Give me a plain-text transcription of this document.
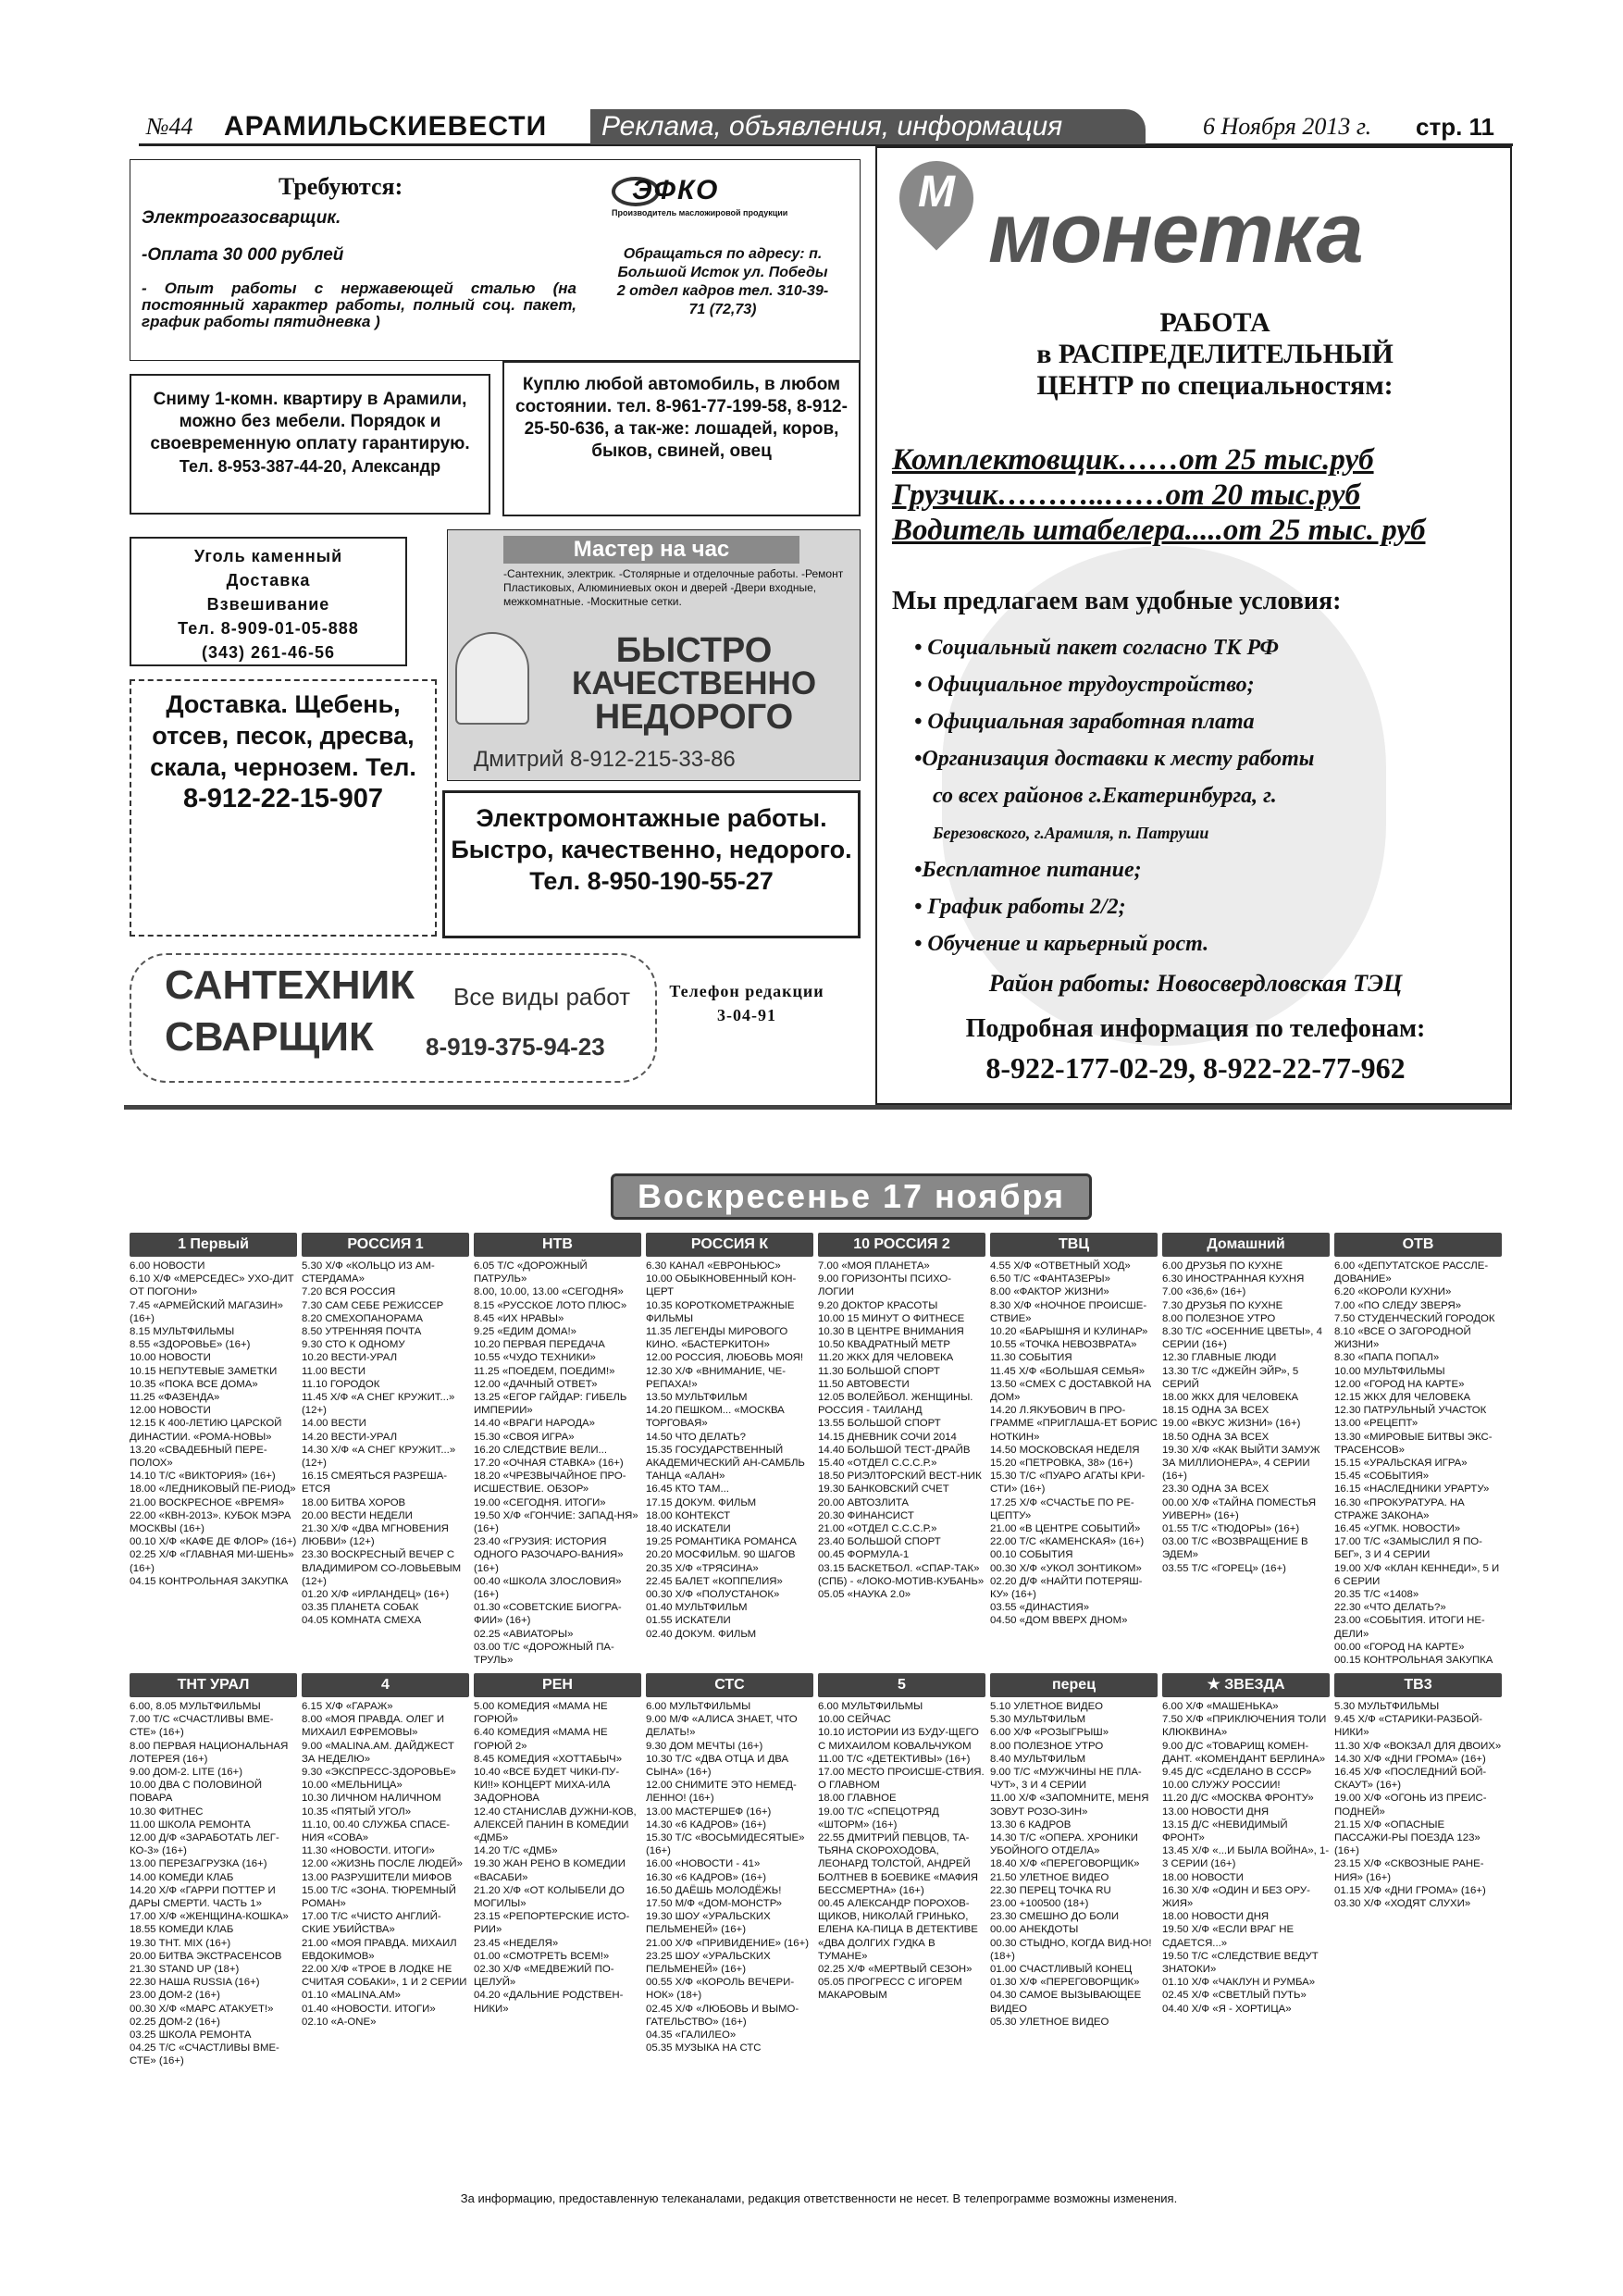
№44 АРАМИЛЬСКИЕВЕСТИ	Реклама, объявления, информация	6 Ноября 2013 г. стр. 11
Требуются:
Электрогазосварщик.
-Оплата 30 000 рублей
- Опыт работы с нержавеющей сталью (на постоянный характер работы, полный соц. пакет, график работы пятидневка )
ЭФКО
Производитель масложировой продукции
Обращаться по адресу: п. Большой Исток ул. Победы 2 отдел кадров тел. 310-39-71 (72,73)
Сниму 1-комн. квартиру в Арамили, можно без мебели. Порядок и своевременную оплату гарантирую.
Тел. 8-953-387-44-20, Александр
Куплю любой автомобиль, в любом состоянии. тел. 8-961-77-199-58, 8-912-25-50-636, а так-же: лошадей, коров, быков, свиней, овец
Уголь каменный
Доставка
Взвешивание
Тел. 8-909-01-05-888
(343) 261-46-56
Мастер на час
-Сантехник, электрик. -Столярные и отделочные работы. -Ремонт Пластиковых, Алюминиевых окон и дверей -Двери входные, межкомнатные. -Москитные сетки.
БЫСТРО
КАЧЕСТВЕННО
НЕДОРОГО
Дмитрий 8-912-215-33-86
Доставка. Щебень, отсев, песок, дресва, скала, чернозем. Тел.
8-912-22-15-907
Электромонтажные работы. Быстро, качественно, недорого.
Тел. 8-950-190-55-27
САНТЕХНИК
СВАРЩИК
Все виды работ
8-919-375-94-23
Телефон редакции 3-04-91
М монетка
РАБОТА
в РАСПРЕДЕЛИТЕЛЬНЫЙ
ЦЕНТР по специальностям:
Комплектовщик……от 25 тыс.руб
Грузчик………..……от 20 тыс.руб
Водитель штабелера.....от 25 тыс. руб
Мы предлагаем вам удобные условия:
• Социальный пакет согласно ТК РФ
• Официальное трудоустройство;
• Официальная заработная плата
•Организация доставки к месту работы
со всех районов г.Екатеринбурга, г.
Березовского, г.Арамиля, п. Патруши
•Бесплатное питание;
• График работы 2/2;
• Обучение и карьерный рост.
Район работы: Новосвердловская ТЭЦ
Подробная информация по телефонам:
8-922-177-02-29, 8-922-22-77-962
Воскресенье 17 ноября
1 Первый
6.00 НОВОСТИ
6.10 Х/Ф «МЕРСЕДЕС» УХО-ДИТ ОТ ПОГОНИ»
7.45 «АРМЕЙСКИЙ МАГАЗИН» (16+)
8.15 МУЛЬТФИЛЬМЫ
8.55 «ЗДОРОВЬЕ» (16+)
10.00 НОВОСТИ
10.15 НЕПУТЕВЫЕ ЗАМЕТКИ
10.35 «ПОКА ВСЕ ДОМА»
11.25 «ФАЗЕНДА»
12.00 НОВОСТИ
12.15 К 400-ЛЕТИЮ ЦАРСКОЙ ДИНАСТИИ. «РОМА-НОВЫ»
13.20 «СВАДЕБНЫЙ ПЕРЕ-ПОЛОХ»
14.10 Т/С «ВИКТОРИЯ» (16+)
18.00 «ЛЕДНИКОВЫЙ ПЕ-РИОД»
21.00 ВОСКРЕСНОЕ «ВРЕМЯ»
22.00 «КВН-2013». КУБОК МЭРА МОСКВЫ (16+)
00.10 Х/Ф «КАФЕ ДЕ ФЛОР» (16+)
02.25 Х/Ф «ГЛАВНАЯ МИ-ШЕНЬ» (16+)
04.15 КОНТРОЛЬНАЯ ЗАКУПКА
РОССИЯ 1
5.30 Х/Ф «КОЛЬЦО ИЗ АМ-СТЕРДАМА»
7.20 ВСЯ РОССИЯ
7.30 САМ СЕБЕ РЕЖИССЕР
8.20 СМЕХОПАНОРАМА
8.50 УТРЕННЯЯ ПОЧТА
9.30 СТО К ОДНОМУ
10.20 ВЕСТИ-УРАЛ
11.00 ВЕСТИ
11.10 ГОРОДОК
11.45 Х/Ф «А СНЕГ КРУЖИТ...» (12+)
14.00 ВЕСТИ
14.20 ВЕСТИ-УРАЛ
14.30 Х/Ф «А СНЕГ КРУЖИТ...» (12+)
16.15 СМЕЯТЬСЯ РАЗРЕША-ЕТСЯ
18.00 БИТВА ХОРОВ
20.00 ВЕСТИ НЕДЕЛИ
21.30 Х/Ф «ДВА МГНОВЕНИЯ ЛЮБВИ» (12+)
23.30 ВОСКРЕСНЫЙ ВЕЧЕР С ВЛАДИМИРОМ СО-ЛОВЬЕВЫМ (12+)
01.20 Х/Ф «ИРЛАНДЕЦ» (16+)
03.35 ПЛАНЕТА СОБАК
04.05 КОМНАТА СМЕХА
НТВ
6.05 Т/С «ДОРОЖНЫЙ ПАТРУЛЬ»
8.00, 10.00, 13.00 «СЕГОДНЯ»
8.15 «РУССКОЕ ЛОТО ПЛЮС»
8.45 «ИХ НРАВЫ»
9.25 «ЕДИМ ДОМА!»
10.20 ПЕРВАЯ ПЕРЕДАЧА
10.55 «ЧУДО ТЕХНИКИ»
11.25 «ПОЕДЕМ, ПОЕДИМ!»
12.00 «ДАЧНЫЙ ОТВЕТ»
13.25 «ЕГОР ГАЙДАР: ГИБЕЛЬ ИМПЕРИИ»
14.40 «ВРАГИ НАРОДА»
15.30 «СВОЯ ИГРА»
16.20 СЛЕДСТВИЕ ВЕЛИ...
17.20 «ОЧНАЯ СТАВКА» (16+)
18.20 «ЧРЕЗВЫЧАЙНОЕ ПРО-ИСШЕСТВИЕ. ОБЗОР»
19.00 «СЕГОДНЯ. ИТОГИ»
19.50 Х/Ф «ГОНЧИЕ: ЗАПАД-НЯ» (16+)
23.40 «ГРУЗИЯ: ИСТОРИЯ ОДНОГО РАЗОЧАРО-ВАНИЯ» (16+)
00.40 «ШКОЛА ЗЛОСЛОВИЯ» (16+)
01.30 «СОВЕТСКИЕ БИОГРА-ФИИ» (16+)
02.25 «АВИАТОРЫ»
03.00 Т/С «ДОРОЖНЫЙ ПА-ТРУЛЬ»

РОССИЯ К
6.30 КАНАЛ «ЕВРОНЬЮС»
10.00 ОБЫКНОВЕННЫЙ КОН-ЦЕРТ
10.35 КОРОТКОМЕТРАЖНЫЕ ФИЛЬМЫ
11.35 ЛЕГЕНДЫ МИРОВОГО КИНО. «БАСТЕРКИТОН»
12.00 РОССИЯ, ЛЮБОВЬ МОЯ!
12.30 Х/Ф «ВНИМАНИЕ, ЧЕ-РЕПАХА!»
13.50 МУЛЬТФИЛЬМ
14.20 ПЕШКОМ... «МОСКВА ТОРГОВАЯ»
14.50 ЧТО ДЕЛАТЬ?
15.35 ГОСУДАРСТВЕННЫЙ АКАДЕМИЧЕСКИЙ АН-САМБЛЬ ТАНЦА «АЛАН»
16.45 КТО ТАМ...
17.15 ДОКУМ. ФИЛЬМ
18.00 КОНТЕКСТ
18.40 ИСКАТЕЛИ
19.25 РОМАНТИКА РОМАНСА
20.20 МОСФИЛЬМ. 90 ШАГОВ
20.35 Х/Ф «ТРЯСИНА»
22.45 БАЛЕТ «КОППЕЛИЯ»
00.30 Х/Ф «ПОЛУСТАНОК»
01.40 МУЛЬТФИЛЬМ
01.55 ИСКАТЕЛИ
02.40 ДОКУМ. ФИЛЬМ
10 РОССИЯ 2
7.00 «МОЯ ПЛАНЕТА»
9.00 ГОРИЗОНТЫ ПСИХО-ЛОГИИ
9.20 ДОКТОР КРАСОТЫ
10.00 15 МИНУТ О ФИТНЕСЕ
10.30 В ЦЕНТРЕ ВНИМАНИЯ
10.50 КВАДРАТНЫЙ МЕТР
11.20 ЖКХ ДЛЯ ЧЕЛОВЕКА
11.30 БОЛЬШОЙ СПОРТ
11.50 АВТОВЕСТИ
12.05 ВОЛЕЙБОЛ. ЖЕНЩИНЫ. РОССИЯ - ТАИЛАНД
13.55 БОЛЬШОЙ СПОРТ
14.15 ДНЕВНИК СОЧИ 2014
14.40 БОЛЬШОЙ ТЕСТ-ДРАЙВ
15.40 «ОТДЕЛ С.С.С.Р.»
18.50 РИЭЛТОРСКИЙ ВЕСТ-НИК
19.30 БАНКОВСКИЙ СЧЕТ
20.00 АВТОЗЛИТА
20.30 ФИНАНСИСТ
21.00 «ОТДЕЛ С.С.С.Р.»
23.40 БОЛЬШОЙ СПОРТ
00.45 ФОРМУЛА-1
03.15 БАСКЕТБОЛ. «СПАР-ТАК» (СПБ) - «ЛОКО-МОТИВ-КУБАНЬ»
05.05 «НАУКА 2.0»
ТВЦ
4.55 Х/Ф «ОТВЕТНЫЙ ХОД»
6.50 Т/С «ФАНТАЗЕРЫ»
8.00 «ФАКТОР ЖИЗНИ»
8.30 Х/Ф «НОЧНОЕ ПРОИСШЕ-СТВИЕ»
10.20 «БАРЫШНЯ И КУЛИНАР»
10.55 «ТОЧКА НЕВОЗВРАТА»
11.30 СОБЫТИЯ
11.45 Х/Ф «БОЛЬШАЯ СЕМЬЯ»
13.50 «СМЕХ С ДОСТАВКОЙ НА ДОМ»
14.20 Л.ЯКУБОВИЧ В ПРО-ГРАММЕ «ПРИГЛАША-ЕТ БОРИС НОТКИН»
14.50 МОСКОВСКАЯ НЕДЕЛЯ
15.20 «ПЕТРОВКА, 38» (16+)
15.30 Т/С «ПУАРО АГАТЫ КРИ-СТИ» (16+)
17.25 Х/Ф «СЧАСТЬЕ ПО РЕ-ЦЕПТУ»
21.00 «В ЦЕНТРЕ СОБЫТИЙ»
22.00 Т/С «КАМЕНСКАЯ» (16+)
00.10 СОБЫТИЯ
00.30 Х/Ф «УКОЛ ЗОНТИКОМ»
02.20 Д/Ф «НАЙТИ ПОТЕРЯШ-КУ» (16+)
03.55 «ДИНАСТИЯ»
04.50 «ДОМ ВВЕРХ ДНОМ»
Домашний
6.00 ДРУЗЬЯ ПО КУХНЕ
6.30 ИНОСТРАННАЯ КУХНЯ
7.00 «36,6» (16+)
7.30 ДРУЗЬЯ ПО КУХНЕ
8.00 ПОЛЕЗНОЕ УТРО
8.30 Т/С «ОСЕННИЕ ЦВЕТЫ», 4 СЕРИИ (16+)
12.30 ГЛАВНЫЕ ЛЮДИ
13.30 Т/С «ДЖЕЙН ЭЙР», 5 СЕРИЙ
18.00 ЖКХ ДЛЯ ЧЕЛОВЕКА
18.15 ОДНА ЗА ВСЕХ
19.00 «ВКУС ЖИЗНИ» (16+)
18.50 ОДНА ЗА ВСЕХ
19.30 Х/Ф «КАК ВЫЙТИ ЗАМУЖ ЗА МИЛЛИОНЕРА», 4 СЕРИИ (16+)
23.30 ОДНА ЗА ВСЕХ
00.00 Х/Ф «ТАЙНА ПОМЕСТЬЯ УИВЕРН» (16+)
01.55 Т/С «ТЮДОРЫ» (16+)
03.00 Т/С «ВОЗВРАЩЕНИЕ В ЭДЕМ»
03.55 Т/С «ГОРЕЦ» (16+)
ОТВ
6.00 «ДЕПУТАТСКОЕ РАССЛЕ-ДОВАНИЕ»
6.20 «КОРОЛИ КУХНИ»
7.00 «ПО СЛЕДУ ЗВЕРЯ»
7.50 СТУДЕНЧЕСКИЙ ГОРОДОК
8.10 «ВСЕ О ЗАГОРОДНОЙ ЖИЗНИ»
8.30 «ПАПА ПОПАЛ»
10.00 МУЛЬТФИЛЬМЫ
12.00 «ГОРОД НА КАРТЕ»
12.15 ЖКХ ДЛЯ ЧЕЛОВЕКА
12.30 ПАТРУЛЬНЫЙ УЧАСТОК
13.00 «РЕЦЕПТ»
13.30 «МИРОВЫЕ БИТВЫ ЭКС-ТРАСЕНСОВ»
15.15 «УРАЛЬСКАЯ ИГРА»
15.45 «СОБЫТИЯ»
16.15 «НАСЛЕДНИКИ УРАРТУ»
16.30 «ПРОКУРАТУРА. НА СТРАЖЕ ЗАКОНА»
16.45 «УГМК. НОВОСТИ»
17.00 Т/С «ЗАМЫСЛИЛ Я ПО-БЕГ», 3 И 4 СЕРИИ
19.00 Х/Ф «КЛАН КЕННЕДИ», 5 И 6 СЕРИИ
20.35 Т/С «1408»
22.30 «ЧТО ДЕЛАТЬ?»
23.00 «СОБЫТИЯ. ИТОГИ НЕ-ДЕЛИ»
00.00 «ГОРОД НА КАРТЕ»
00.15 КОНТРОЛЬНАЯ ЗАКУПКА

ТНТ УРАЛ
6.00, 8.05 МУЛЬТФИЛЬМЫ
7.00 Т/С «СЧАСТЛИВЫ ВМЕ-СТЕ» (16+)
8.00 ПЕРВАЯ НАЦИОНАЛЬНАЯ ЛОТЕРЕЯ (16+)
9.00 ДОМ-2. LITE (16+)
10.00 ДВА С ПОЛОВИНОЙ ПОВАРА
10.30 ФИТНЕС
11.00 ШКОЛА РЕМОНТА
12.00 Д/Ф «ЗАРАБОТАТЬ ЛЕГ-КО-3» (16+)
13.00 ПЕРЕЗАГРУЗКА (16+)
14.00 КОМЕДИ КЛАБ
14.20 Х/Ф «ГАРРИ ПОТТЕР И ДАРЫ СМЕРТИ. ЧАСТЬ 1»
17.00 Х/Ф «ЖЕНЩИНА-КОШКА»
18.55 КОМЕДИ КЛАБ
19.30 ТНТ. MIX (16+)
20.00 БИТВА ЭКСТРАСЕНСОВ
21.30 STAND UP (18+)
22.30 НАША RUSSIA (16+)
23.00 ДОМ-2 (16+)
00.30 Х/Ф «МАРС АТАКУЕТ!»
02.25 ДОМ-2 (16+)
03.25 ШКОЛА РЕМОНТА
04.25 Т/С «СЧАСТЛИВЫ ВМЕ-СТЕ» (16+)
4
6.15 Х/Ф «ГАРАЖ»
8.00 «МОЯ ПРАВДА. ОЛЕГ И МИХАИЛ ЕФРЕМОВЫ»
9.00 «MALINA.AM. ДАЙДЖЕСТ ЗА НЕДЕЛЮ»
9.30 «ЭКСПРЕСС-ЗДОРОВЬЕ»
10.00 «МЕЛЬНИЦА»
10.30 ЛИЧНОМ НАЛИЧНОМ
10.35 «ПЯТЫЙ УГОЛ»
11.10, 00.40 СЛУЖБА СПАСЕ-НИЯ «СОВА»
11.30 «НОВОСТИ. ИТОГИ»
12.00 «ЖИЗНЬ ПОСЛЕ ЛЮДЕЙ»
13.00 РАЗРУШИТЕЛИ МИФОВ
15.00 Т/С «ЗОНА. ТЮРЕМНЫЙ РОМАН»
17.00 Т/С «ЧИСТО АНГЛИЙ-СКИЕ УБИЙСТВА»
21.00 «МОЯ ПРАВДА. МИХАИЛ ЕВДОКИМОВ»
22.00 Х/Ф «ТРОЕ В ЛОДКЕ НЕ СЧИТАЯ СОБАКИ», 1 И 2 СЕРИИ
01.10 «MALINA.AM»
01.40 «НОВОСТИ. ИТОГИ»
02.10 «А-ONE»
РЕН
5.00 КОМЕДИЯ «МАМА НЕ ГОРЮЙ»
6.40 КОМЕДИЯ «МАМА НЕ ГОРЮЙ 2»
8.45 КОМЕДИЯ «ХОТТАБЫЧ»
10.40 «ВСЕ БУДЕТ ЧИКИ-ПУ-КИ!!» КОНЦЕРТ МИХА-ИЛА ЗАДОРНОВА
12.40 СТАНИСЛАВ ДУЖНИ-КОВ, АЛЕКСЕЙ ПАНИН В КОМЕДИИ «ДМБ»
14.20 Т/С «ДМБ»
19.30 ЖАН РЕНО В КОМЕДИИ «ВАСАБИ»
21.20 Х/Ф «ОТ КОЛЫБЕЛИ ДО МОГИЛЫ»
23.15 «РЕПОРТЕРСКИЕ ИСТО-РИИ»
23.45 «НЕДЕЛЯ»
01.00 «СМОТРЕТЬ ВСЕМ!»
02.30 Х/Ф «МЕДВЕЖИЙ ПО-ЦЕЛУЙ»
04.20 «ДАЛЬНИЕ РОДСТВЕН-НИКИ»
СТС
6.00 МУЛЬТФИЛЬМЫ
9.00 М/Ф «АЛИСА ЗНАЕТ, ЧТО ДЕЛАТЬ!»
9.30 ДОМ МЕЧТЫ (16+)
10.30 Т/С «ДВА ОТЦА И ДВА СЫНА» (16+)
12.00 СНИМИТЕ ЭТО НЕМЕД-ЛЕННО! (16+)
13.00 МАСТЕРШЕФ (16+)
14.30 «6 КАДРОВ» (16+)
15.30 Т/С «ВОСЬМИДЕСЯТЫЕ» (16+)
16.00 «НОВОСТИ - 41»
16.30 «6 КАДРОВ» (16+)
16.50 ДАЁШЬ МОЛОДЁЖЬ!
17.50 М/Ф «ДОМ-МОНСТР»
19.30 ШОУ «УРАЛЬСКИХ ПЕЛЬМЕНЕЙ» (16+)
21.00 Х/Ф «ПРИВИДЕНИЕ» (16+)
23.25 ШОУ «УРАЛЬСКИХ ПЕЛЬМЕНЕЙ» (16+)
00.55 Х/Ф «КОРОЛЬ ВЕЧЕРИ-НОК» (18+)
02.45 Х/Ф «ЛЮБОВЬ И ВЫМО-ГАТЕЛЬСТВО» (16+)
04.35 «ГАЛИЛЕО»
05.35 МУЗЫКА НА СТС
5
6.00 МУЛЬТФИЛЬМЫ
10.00 СЕЙЧАС
10.10 ИСТОРИИ ИЗ БУДУ-ЩЕГО С МИХАИЛОМ КОВАЛЬЧУКОМ
11.00 Т/С «ДЕТЕКТИВЫ» (16+)
17.00 МЕСТО ПРОИСШЕ-СТВИЯ. О ГЛАВНОМ
18.00 ГЛАВНОЕ
19.00 Т/С «СПЕЦОТРЯД «ШТОРМ» (16+)
22.55 ДМИТРИЙ ПЕВЦОВ, ТА-ТЬЯНА СКОРОХОДОВА, ЛЕОНАРД ТОЛСТОЙ, АНДРЕЙ БОЛТНЕВ В БОЕВИКЕ «МАФИЯ БЕССМЕРТНА» (16+)
00.45 АЛЕКСАНДР ПОРОХОВ-ЩИКОВ, НИКОЛАЙ ГРИНЬКО, ЕЛЕНА КА-ПИЦА В ДЕТЕКТИВЕ «ДВА ДОЛГИХ ГУДКА В ТУМАНЕ»
02.25 Х/Ф «МЕРТВЫЙ СЕЗОН»
05.05 ПРОГРЕСС С ИГОРЕМ МАКАРОВЫМ
перец
5.10 УЛЕТНОЕ ВИДЕО
5.30 МУЛЬТФИЛЬМ
6.00 Х/Ф «РОЗЫГРЫШ»
8.00 ПОЛЕЗНОЕ УТРО
8.40 МУЛЬТФИЛЬМ
9.00 Т/С «МУЖЧИНЫ НЕ ПЛА-ЧУТ», 3 И 4 СЕРИИ
11.00 Х/Ф «ЗАПОМНИТЕ, МЕНЯ ЗОВУТ РОЗО-ЗИН»
13.30 6 КАДРОВ
14.30 Т/С «ОПЕРА. ХРОНИКИ УБОЙНОГО ОТДЕЛА»
18.40 Х/Ф «ПЕРЕГОВОРЩИК»
21.50 УЛЕТНОЕ ВИДЕО
22.30 ПЕРЕЦ ТОЧКА RU
23.00 +100500 (18+)
23.30 СМЕШНО ДО БОЛИ
00.00 АНЕКДОТЫ
00.30 СТЫДНО, КОГДА ВИД-НО! (18+)
01.00 СЧАСТЛИВЫЙ КОНЕЦ
01.30 Х/Ф «ПЕРЕГОВОРЩИК»
04.30 САМОЕ ВЫЗЫВАЮЩЕЕ ВИДЕО
05.30 УЛЕТНОЕ ВИДЕО
★ ЗВЕЗДА
6.00 Х/Ф «МАШЕНЬКА»
7.50 Х/Ф «ПРИКЛЮЧЕНИЯ ТОЛИ КЛЮКВИНА»
9.00 Д/С «ТОВАРИЩ КОМЕН-ДАНТ. «КОМЕНДАНТ БЕРЛИНА»
9.45 Д/С «СДЕЛАНО В СССР»
10.00 СЛУЖУ РОССИИ!
11.20 Д/С «МОСКВА ФРОНТУ»
13.00 НОВОСТИ ДНЯ
13.15 Д/С «НЕВИДИМЫЙ ФРОНТ»
13.45 Х/Ф «...И БЫЛА ВОЙНА», 1-3 СЕРИИ (16+)
18.00 НОВОСТИ
16.30 Х/Ф «ОДИН И БЕЗ ОРУ-ЖИЯ»
18.00 НОВОСТИ ДНЯ
19.50 Х/Ф «ЕСЛИ ВРАГ НЕ СДАЕТСЯ...»
19.50 Т/С «СЛЕДСТВИЕ ВЕДУТ ЗНАТОКИ»
01.10 Х/Ф «ЧАКЛУН И РУМБА»
02.45 Х/Ф «СВЕТЛЫЙ ПУТЬ»
04.40 Х/Ф «Я - ХОРТИЦА»
ТВ3
5.30 МУЛЬТФИЛЬМЫ
9.45 Х/Ф «СТАРИКИ-РАЗБОЙ-НИКИ»
11.30 Х/Ф «ВОКЗАЛ ДЛЯ ДВОИХ»
14.30 Х/Ф «ДНИ ГРОМА» (16+)
16.45 Х/Ф «ПОСЛЕДНИЙ БОЙ-СКАУТ» (16+)
19.00 Х/Ф «ОГОНЬ ИЗ ПРЕИС-ПОДНЕЙ»
21.15 Х/Ф «ОПАСНЫЕ ПАССАЖИ-РЫ ПОЕЗДА 123» (16+)
23.15 Х/Ф «СКВОЗНЫЕ РАНЕ-НИЯ» (16+)
01.15 Х/Ф «ДНИ ГРОМА» (16+)
03.30 Х/Ф «ХОДЯТ СЛУХИ»
За информацию, предоставленную телеканалами, редакция ответственности не несет. В телепрограмме возможны изменения.
